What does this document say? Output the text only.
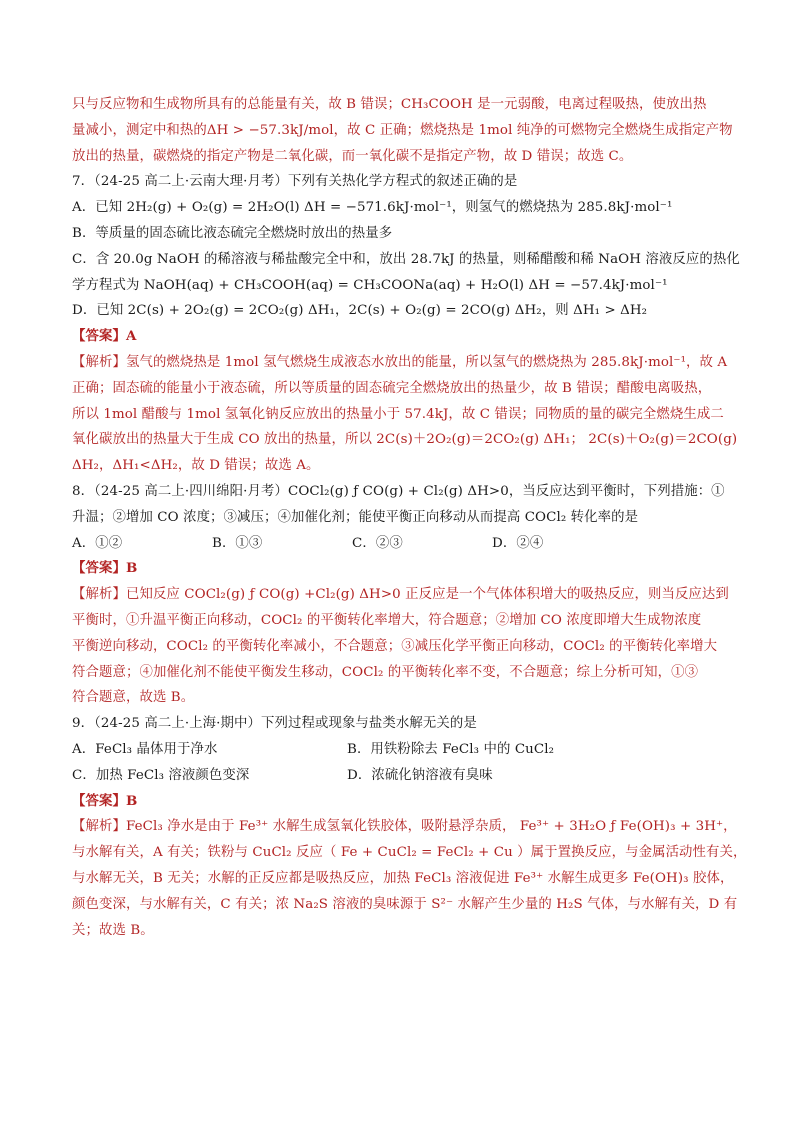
只与反应物和生成物所具有的总能量有关，故 B 错误；CH₃COOH 是一元弱酸，电离过程吸热，使放出热
量减小，测定中和热的ΔH > −57.3kJ/mol，故 C 正确；燃烧热是 1mol 纯净的可燃物完全燃烧生成指定产物
放出的热量，碳燃烧的指定产物是二氧化碳，而一氧化碳不是指定产物，故 D 错误；故选 C。
7．（24-25 高二上·云南大理·月考）下列有关热化学方程式的叙述正确的是
A．已知 2H₂(g) + O₂(g) = 2H₂O(l) ΔH = −571.6kJ·mol⁻¹，则氢气的燃烧热为 285.8kJ·mol⁻¹
B．等质量的固态硫比液态硫完全燃烧时放出的热量多
C．含 20.0g NaOH 的稀溶液与稀盐酸完全中和，放出 28.7kJ 的热量，则稀醋酸和稀 NaOH 溶液反应的热化
学方程式为 NaOH(aq) + CH₃COOH(aq) = CH₃COONa(aq) + H₂O(l) ΔH = −57.4kJ·mol⁻¹
D．已知 2C(s) + 2O₂(g) = 2CO₂(g) ΔH₁，2C(s) + O₂(g) = 2CO(g) ΔH₂，则 ΔH₁ > ΔH₂
【答案】A
【解析】氢气的燃烧热是 1mol 氢气燃烧生成液态水放出的能量，所以氢气的燃烧热为 285.8kJ·mol⁻¹，故 A
正确；固态硫的能量小于液态硫，所以等质量的固态硫完全燃烧放出的热量少，故 B 错误；醋酸电离吸热，
所以 1mol 醋酸与 1mol 氢氧化钠反应放出的热量小于 57.4kJ，故 C 错误；同物质的量的碳完全燃烧生成二
氧化碳放出的热量大于生成 CO 放出的热量，所以 2C(s)＋2O₂(g)＝2CO₂(g) ΔH₁； 2C(s)＋O₂(g)＝2CO(g)
ΔH₂，ΔH₁<ΔH₂，故 D 错误；故选 A。
8．（24-25 高二上·四川绵阳·月考）COCl₂(g) ƒ CO(g) + Cl₂(g) ΔH>0，当反应达到平衡时，下列措施：①
升温；②增加 CO 浓度；③减压；④加催化剂；能使平衡正向移动从而提高 COCl₂ 转化率的是
A．①②	B．①③	C．②③	D．②④
【答案】B
【解析】已知反应 COCl₂(g) ƒ CO(g) +Cl₂(g) ΔH>0 正反应是一个气体体积增大的吸热反应，则当反应达到
平衡时，①升温平衡正向移动，COCl₂ 的平衡转化率增大，符合题意；②增加 CO 浓度即增大生成物浓度
平衡逆向移动，COCl₂ 的平衡转化率减小，不合题意；③减压化学平衡正向移动，COCl₂ 的平衡转化率增大
符合题意；④加催化剂不能使平衡发生移动，COCl₂ 的平衡转化率不变，不合题意；综上分析可知，①③
符合题意，故选 B。
9．（24-25 高二上·上海·期中）下列过程或现象与盐类水解无关的是
A．FeCl₃ 晶体用于净水	B．用铁粉除去 FeCl₃ 中的 CuCl₂
C．加热 FeCl₃ 溶液颜色变深	D．浓硫化钠溶液有臭味
【答案】B
【解析】FeCl₃ 净水是由于 Fe³⁺ 水解生成氢氧化铁胶体，吸附悬浮杂质， Fe³⁺ + 3H₂O ƒ Fe(OH)₃ + 3H⁺，
与水解有关，A 有关；铁粉与 CuCl₂ 反应（ Fe + CuCl₂ = FeCl₂ + Cu ）属于置换反应，与金属活动性有关，
与水解无关，B 无关；水解的正反应都是吸热反应，加热 FeCl₃ 溶液促进 Fe³⁺ 水解生成更多 Fe(OH)₃ 胶体，
颜色变深，与水解有关，C 有关；浓 Na₂S 溶液的臭味源于 S²⁻ 水解产生少量的 H₂S 气体，与水解有关，D 有
关；故选 B。
